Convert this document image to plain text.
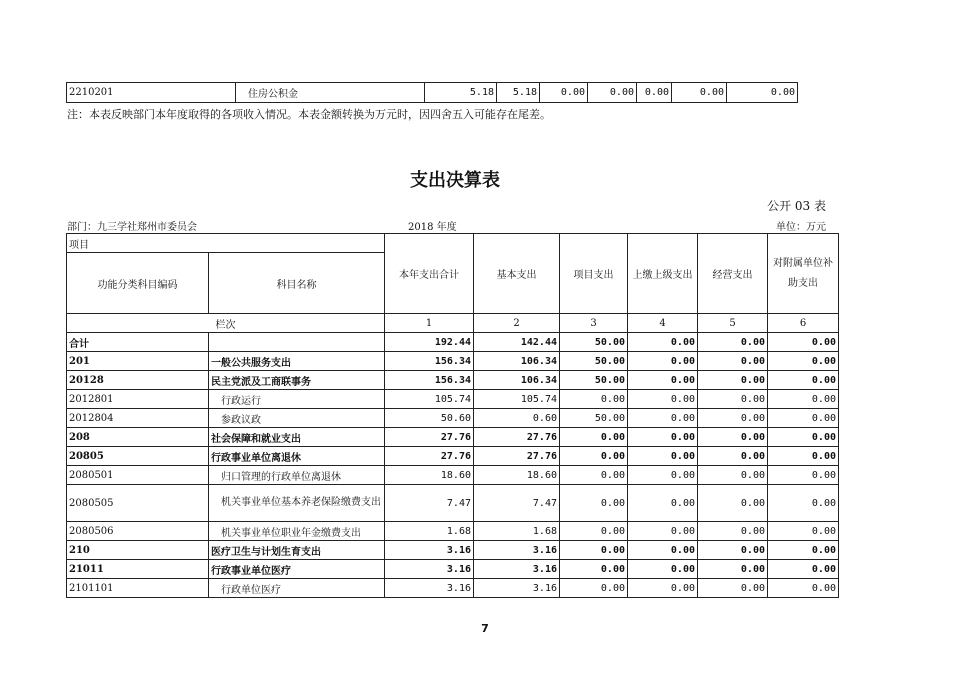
2210201	住房公积金	5.18	5.18	0.00	0.00	0.00	0.00	0.00
注：本表反映部门本年度取得的各项收入情况。本表金额转换为万元时，因四舍五入可能存在尾差。
支出决算表
公开 03 表
部门：九三学社郑州市委员会	2018 年度	单位：万元
项目		本年支出合计	基本支出	项目支出	上缴上级支出	经营支出	对附属单位补助支出
功能分类科目编码	科目名称						
栏次		1	2	3	4	5	6
合计		192.44	142.44	50.00	0.00	0.00	0.00
201	一般公共服务支出	156.34	106.34	50.00	0.00	0.00	0.00
20128	民主党派及工商联事务	156.34	106.34	50.00	0.00	0.00	0.00
2012801	行政运行	105.74	105.74	0.00	0.00	0.00	0.00
2012804	参政议政	50.60	0.60	50.00	0.00	0.00	0.00
208	社会保障和就业支出	27.76	27.76	0.00	0.00	0.00	0.00
20805	行政事业单位离退休	27.76	27.76	0.00	0.00	0.00	0.00
2080501	归口管理的行政单位离退休	18.60	18.60	0.00	0.00	0.00	0.00
2080505	机关事业单位基本养老保险缴费支出	7.47	7.47	0.00	0.00	0.00	0.00
2080506	机关事业单位职业年金缴费支出	1.68	1.68	0.00	0.00	0.00	0.00
210	医疗卫生与计划生育支出	3.16	3.16	0.00	0.00	0.00	0.00
21011	行政事业单位医疗	3.16	3.16	0.00	0.00	0.00	0.00
2101101	行政单位医疗	3.16	3.16	0.00	0.00	0.00	0.00
7
